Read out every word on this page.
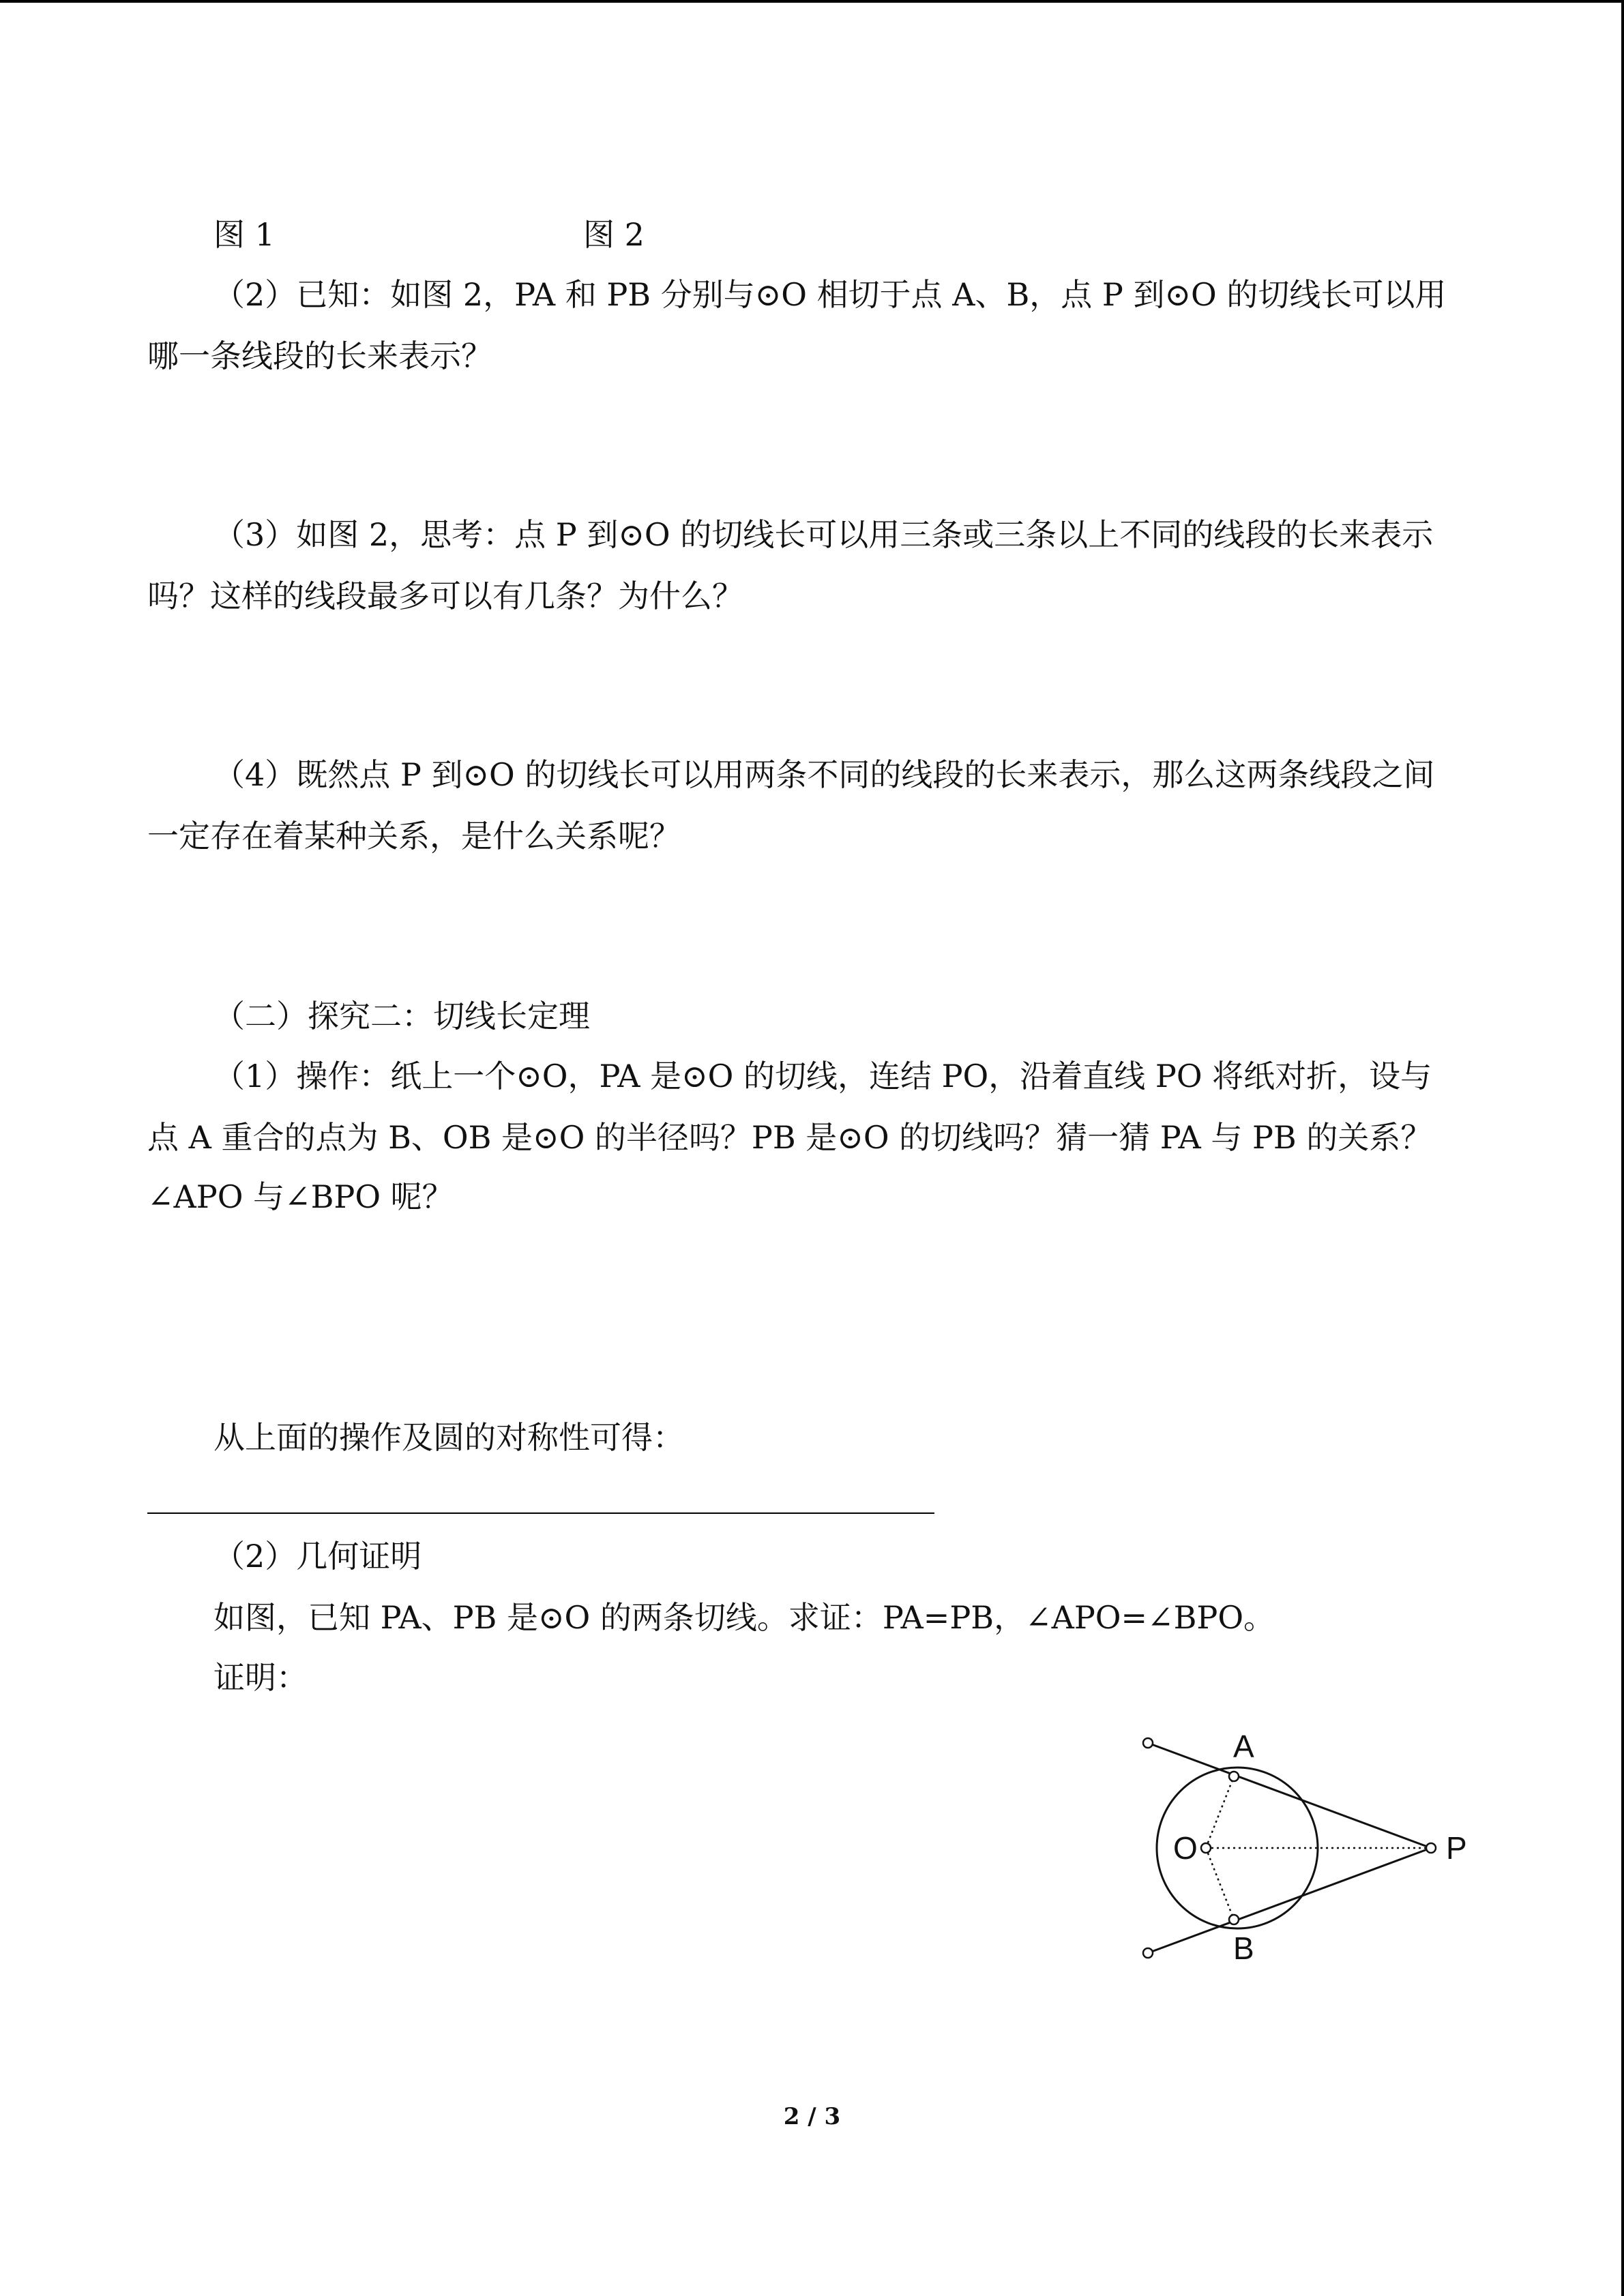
图 1	图 2
（2）已知：如图 2，PA 和 PB 分别与⊙O 相切于点 A、B，点 P 到⊙O 的切线长可以用
哪一条线段的长来表示？
（3）如图 2，思考：点 P 到⊙O 的切线长可以用三条或三条以上不同的线段的长来表示
吗？这样的线段最多可以有几条？为什么？
（4）既然点 P 到⊙O 的切线长可以用两条不同的线段的长来表示，那么这两条线段之间
一定存在着某种关系，是什么关系呢？
（二）探究二：切线长定理
（1）操作：纸上一个⊙O，PA 是⊙O 的切线，连结 PO，沿着直线 PO 将纸对折，设与
点 A 重合的点为 B、OB 是⊙O 的半径吗？PB 是⊙O 的切线吗？猜一猜 PA 与 PB 的关系？
∠APO 与∠BPO 呢？
从上面的操作及圆的对称性可得：
（2）几何证明
如图，已知 PA、PB 是⊙O 的两条切线。求证：PA=PB，∠APO=∠BPO。
证明：
A
B
O	P
2 / 3
